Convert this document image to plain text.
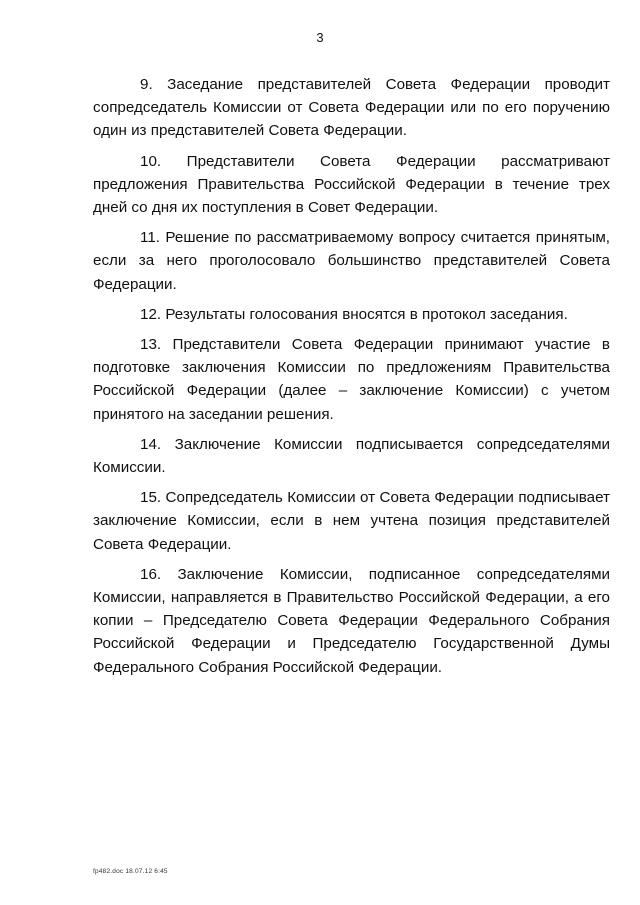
3

9. Заседание представителей Совета Федерации проводит сопредседатель Комиссии от Совета Федерации или по его поручению один из представителей Совета Федерации.

10. Представители Совета Федерации рассматривают предложения Правительства Российской Федерации в течение трех дней со дня их поступления в Совет Федерации.

11. Решение по рассматриваемому вопросу считается принятым, если за него проголосовало большинство представителей Совета Федерации.

12. Результаты голосования вносятся в протокол заседания.

13. Представители Совета Федерации принимают участие в подготовке заключения Комиссии по предложениям Правительства Российской Федерации (далее – заключение Комиссии) с учетом принятого на заседании решения.

14. Заключение Комиссии подписывается сопредседателями Комиссии.

15. Сопредседатель Комиссии от Совета Федерации подписывает заключение Комиссии, если в нем учтена позиция представителей Совета Федерации.

16. Заключение Комиссии, подписанное сопредседателями Комиссии, направляется в Правительство Российской Федерации, а его копии – Председателю Совета Федерации Федерального Собрания Российской Федерации и Председателю Государственной Думы Федерального Собрания Российской Федерации.

fp482.doc 18.07.12 6:45
